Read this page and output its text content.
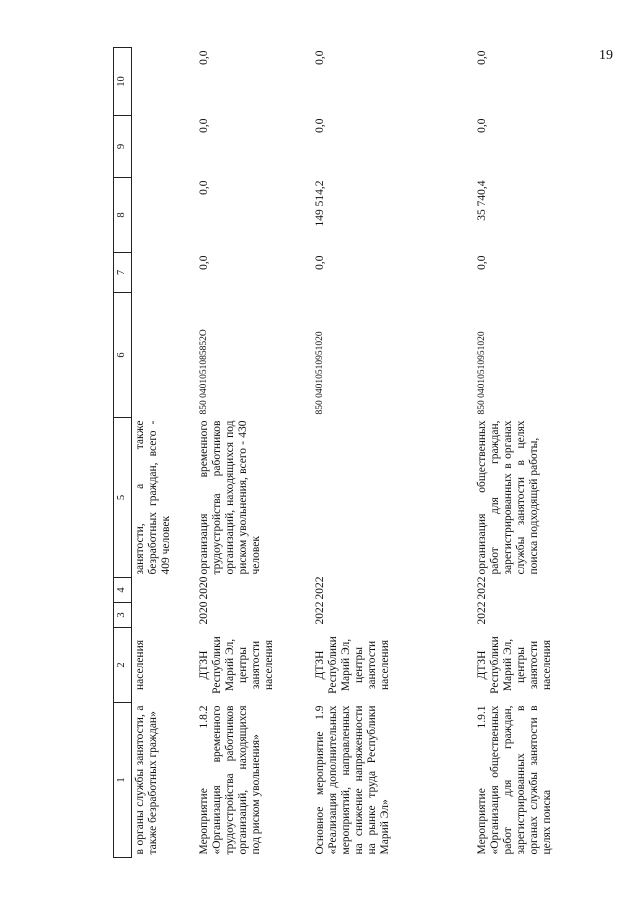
19
1	2	3	4	5	6	7	8	9	10
в органы службы занятости, а также безработных граждан»	населения			занятости, а также безработных граждан, всего - 409 человек					
Мероприятие 1.8.2 «Организация временного трудоустройства работников организаций, находящихся под риском увольнения»	ДТЗН Республики Марий Эл, центры занятости населения	2020	2020	организация временного трудоустройства работников организаций, находящихся под риском увольнения, всего - 430 человек	850 0401051085852О	0,0	0,0	0,0	0,0
Основное мероприятие 1.9 «Реализация дополнительных мероприятий, направленных на снижение напряженности на рынке труда Республики Марий Эл»	ДТЗН Республики Марий Эл, центры занятости населения	2022	2022		850 04010510951020	0,0	149 514,2	0,0	0,0
Мероприятие 1.9.1 «Организация общественных работ для граждан, зарегистрированных в органах службы занятости в целях поиска	ДТЗН Республики Марий Эл, центры занятости населения	2022	2022	организация общественных работ для граждан, зарегистрированных в органах службы занятости в целях поиска подходящей работы,	850 04010510951020	0,0	35 740,4	0,0	0,0
